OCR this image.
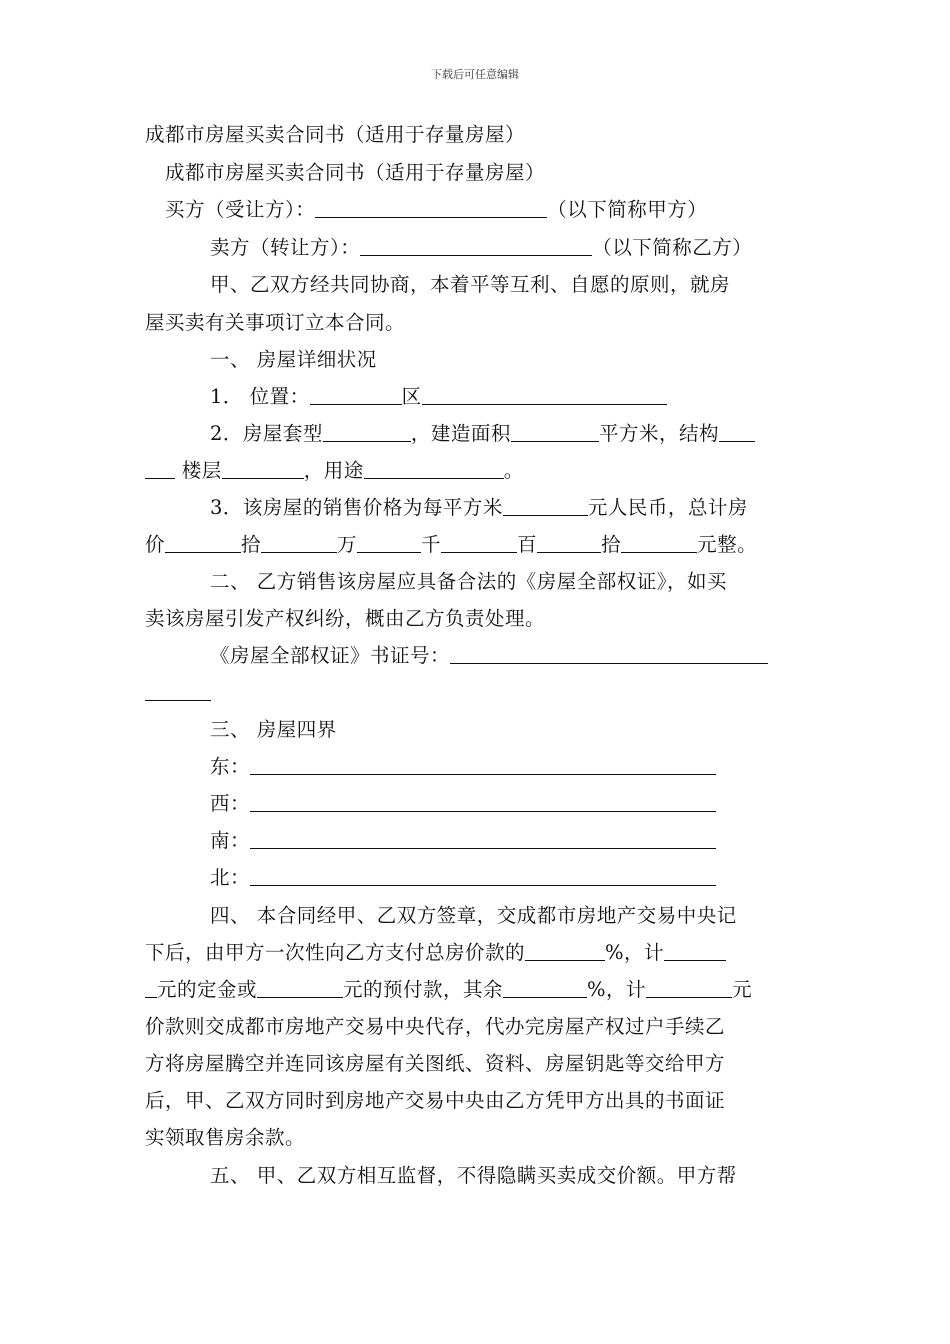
下载后可任意编辑
成都市房屋买卖合同书（适用于存量房屋）
成都市房屋买卖合同书（适用于存量房屋）
买方（受让方）：	（以下简称甲方）
卖方（转让方）：	（以下简称乙方）
甲、乙双方经共同协商，本着平等互利、自愿的原则，就房
屋买卖有关事项订立本合同。
一、 房屋详细状况
1． 位置：	区
2．房屋套型	，建造面积	平方米，结构
楼层	，用途	。
3．该房屋的销售价格为每平方米	元人民币，总计房
价	拾	万	千	百	拾	元整。
二、 乙方销售该房屋应具备合法的《房屋全部权证》，如买
卖该房屋引发产权纠纷，概由乙方负责处理。
《房屋全部权证》书证号：
三、 房屋四界
东：
西：
南：
北：
四、 本合同经甲、乙双方签章，交成都市房地产交易中央记
下后，由甲方一次性向乙方支付总房价款的	%，计
元的定金或	元的预付款，其余	%，计	元
价款则交成都市房地产交易中央代存，代办完房屋产权过户手续乙
方将房屋腾空并连同该房屋有关图纸、资料、房屋钥匙等交给甲方
后，甲、乙双方同时到房地产交易中央由乙方凭甲方出具的书面证
实领取售房余款。
五、 甲、乙双方相互监督，不得隐瞒买卖成交价额。甲方帮
